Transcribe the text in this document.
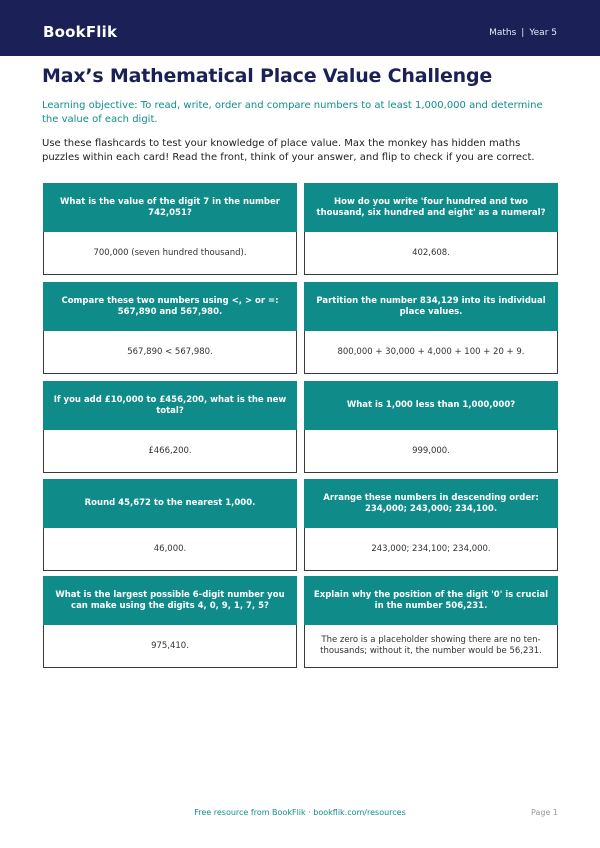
BookFlik	Maths | Year 5
Max’s Mathematical Place Value Challenge
Learning objective: To read, write, order and compare numbers to at least 1,000,000 and determine the value of each digit.
Use these flashcards to test your knowledge of place value. Max the monkey has hidden maths puzzles within each card! Read the front, think of your answer, and flip to check if you are correct.
What is the value of the digit 7 in the number 742,051?
700,000 (seven hundred thousand).
How do you write 'four hundred and two thousand, six hundred and eight' as a numeral?
402,608.
Compare these two numbers using <, > or =: 567,890 and 567,980.
567,890 < 567,980.
Partition the number 834,129 into its individual place values.
800,000 + 30,000 + 4,000 + 100 + 20 + 9.
If you add £10,000 to £456,200, what is the new total?
£466,200.
What is 1,000 less than 1,000,000?
999,000.
Round 45,672 to the nearest 1,000.
46,000.
Arrange these numbers in descending order: 234,000; 243,000; 234,100.
243,000; 234,100; 234,000.
What is the largest possible 6-digit number you can make using the digits 4, 0, 9, 1, 7, 5?
975,410.
Explain why the position of the digit '0' is crucial in the number 506,231.
The zero is a placeholder showing there are no ten-thousands; without it, the number would be 56,231.
Free resource from BookFlik · bookflik.com/resources	Page 1
